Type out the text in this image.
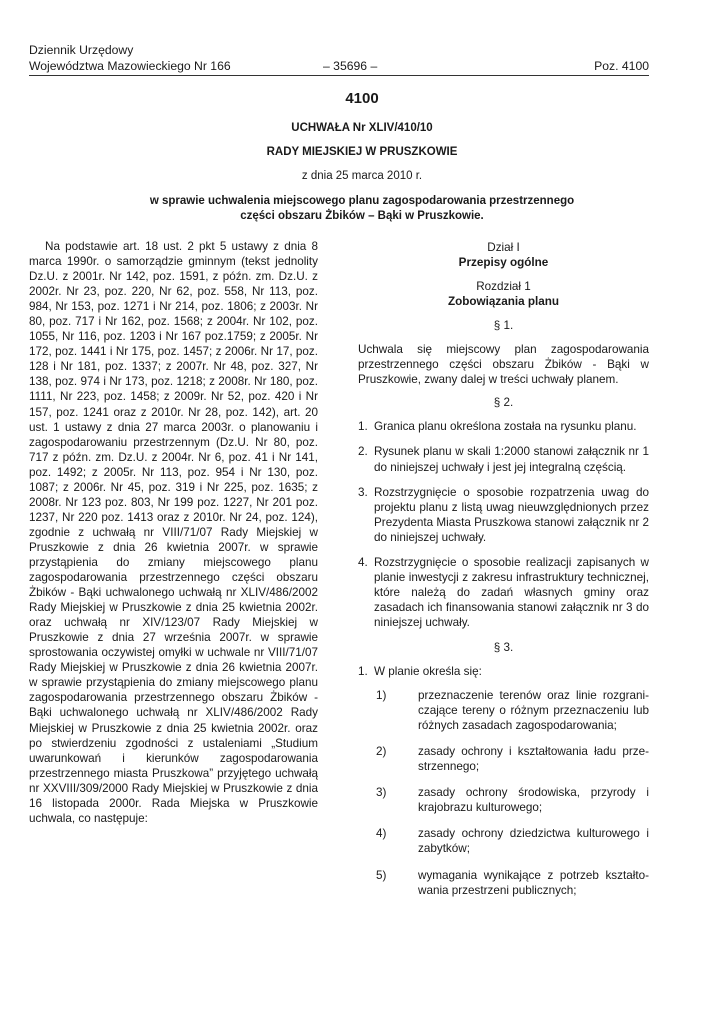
Dziennik Urzędowy
Województwa Mazowieckiego Nr 166	– 35696 –	Poz. 4100
4100
UCHWAŁA Nr XLIV/410/10
RADY MIEJSKIEJ W PRUSZKOWIE
z dnia 25 marca 2010 r.
w sprawie uchwalenia miejscowego planu zagospodarowania przestrzennego
części obszaru Żbików – Bąki w Pruszkowie.

Na podstawie art. 18 ust. 2 pkt 5 ustawy z dnia 8 marca 1990r. o samorządzie gminnym (tekst jednolity Dz.U. z 2001r. Nr 142, poz. 1591, z późn. zm. Dz.U. z 2002r. Nr 23, poz. 220, Nr 62, poz. 558, Nr 113, poz. 984, Nr 153, poz. 1271 i Nr 214, poz. 1806; z 2003r. Nr 80, poz. 717 i Nr 162, poz. 1568; z 2004r. Nr 102, poz. 1055, Nr 116, poz. 1203 i Nr 167 poz.1759; z 2005r. Nr 172, poz. 1441 i Nr 175, poz. 1457; z 2006r. Nr 17, poz. 128 i Nr 181, poz. 1337; z 2007r. Nr 48, poz. 327, Nr 138, poz. 974 i Nr 173, poz. 1218; z 2008r. Nr 180, poz. 1111, Nr 223, poz. 1458; z 2009r. Nr 52, poz. 420 i Nr 157, poz. 1241 oraz z 2010r. Nr 28, poz. 142), art. 20 ust. 1 ustawy z dnia 27 marca 2003r. o planowaniu i zagospodarowaniu przestrzennym (Dz.U. Nr 80, poz. 717 z późn. zm. Dz.U. z 2004r. Nr 6, poz. 41 i Nr 141, poz. 1492; z 2005r. Nr 113, poz. 954 i Nr 130, poz. 1087; z 2006r. Nr 45, poz. 319 i Nr 225, poz. 1635; z 2008r. Nr 123 poz. 803, Nr 199 poz. 1227, Nr 201 poz. 1237, Nr 220 poz. 1413 oraz z 2010r. Nr 24, poz. 124), zgodnie z uchwałą nr VIII/71/07 Rady Miejskiej w Pruszkowie z dnia 26 kwietnia 2007r. w sprawie przystąpienia do zmiany miejscowego planu zagospodarowania przestrzennego części obszaru Żbików - Bąki uchwalonego uchwałą nr XLIV/486/2002 Rady Miejskiej w Pruszkowie z dnia 25 kwietnia 2002r. oraz uchwałą nr XIV/123/07 Rady Miejskiej w Pruszkowie z dnia 27 września 2007r. w sprawie sprostowania oczywistej omyłki w uchwale nr VIII/71/07 Rady Miejskiej w Pruszkowie z dnia 26 kwietnia 2007r. w sprawie przystąpienia do zmiany miejscowego planu zagospodarowania przestrzennego obszaru Żbików - Bąki uchwalonego uchwałą nr XLIV/486/2002 Rady Miejskiej w Pruszkowie z dnia 25 kwietnia 2002r. oraz po stwierdzeniu zgodności z ustaleniami „Studium uwarunkowań i kierunków zagospodarowania przestrzennego miasta Pruszkowa” przyjętego uchwałą nr XXVIII/309/2000 Rady Miejskiej w Pruszkowie z dnia 16 listopada 2000r. Rada Miejska w Pruszkowie uchwala, co następuje:

Dział I
Przepisy ogólne
Rozdział 1
Zobowiązania planu
§ 1.
Uchwala się miejscowy plan zagospodarowania przestrzennego części obszaru Żbików - Bąki w Pruszkowie, zwany dalej w treści uchwały planem.
§ 2.
1. Granica planu określona została na rysunku planu.
2. Rysunek planu w skali 1:2000 stanowi załącznik nr 1 do niniejszej uchwały i jest jej integralną częścią.
3. Rozstrzygnięcie o sposobie rozpatrzenia uwag do projektu planu z listą uwag nieuwzględnionych przez Prezydenta Miasta Pruszkowa stanowi załącznik nr 2 do niniejszej uchwały.
4. Rozstrzygnięcie o sposobie realizacji zapisanych w planie inwestycji z zakresu infrastruktury technicznej, które należą do zadań własnych gminy oraz zasadach ich finansowania stanowi załącznik nr 3 do niniejszej uchwały.
§ 3.
1. W planie określa się:
1)	przeznaczenie terenów oraz linie rozgraniczające tereny o różnym przeznaczeniu lub różnych zasadach zagospodarowania;
2)	zasady ochrony i kształtowania ładu przestrzennego;
3)	zasady ochrony środowiska, przyrody i krajobrazu kulturowego;
4)	zasady ochrony dziedzictwa kulturowego i zabytków;
5)	wymagania wynikające z potrzeb kształtowania przestrzeni publicznych;
